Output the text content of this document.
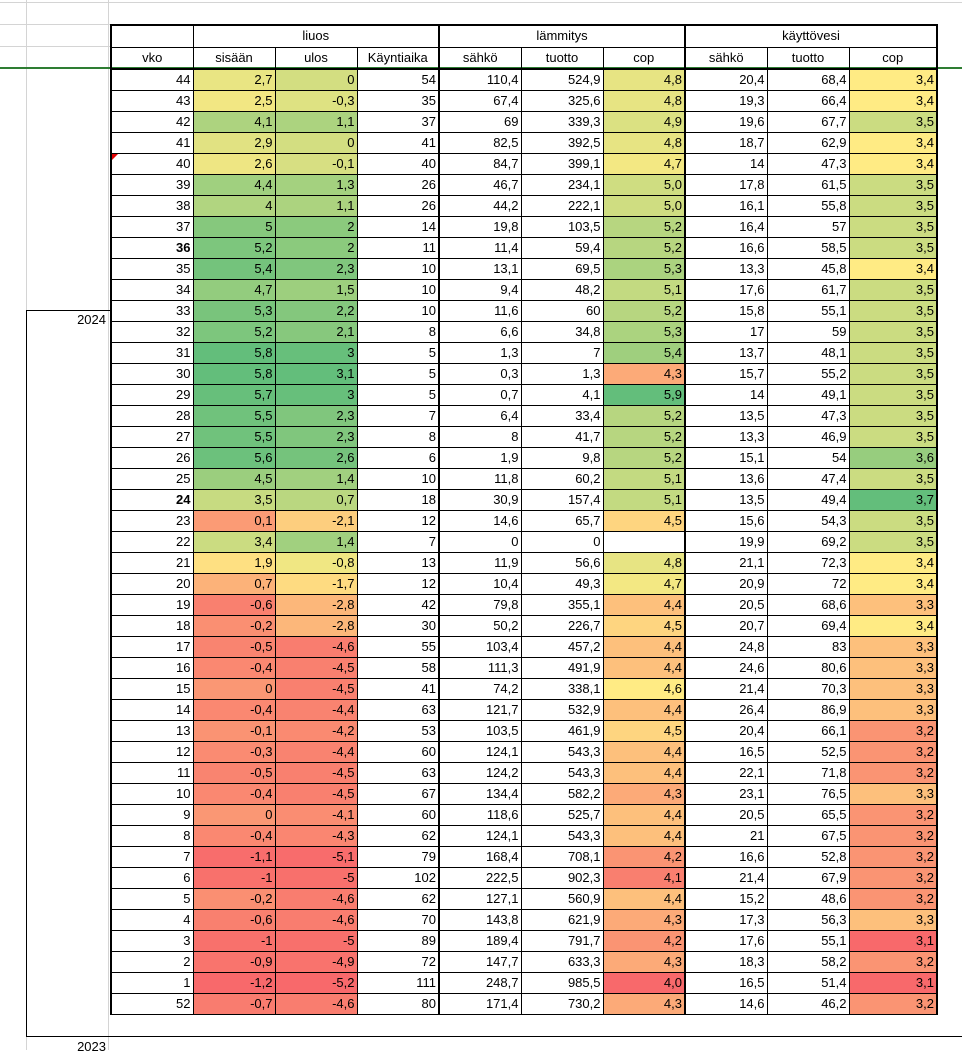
	liuos			lämmitys			käyttövesi		
vko	sisään	ulos	Käyntiaika	sähkö	tuotto	cop	sähkö	tuotto	cop
44	2,7	0	54	110,4	524,9	4,8	20,4	68,4	3,4
43	2,5	-0,3	35	67,4	325,6	4,8	19,3	66,4	3,4
42	4,1	1,1	37	69	339,3	4,9	19,6	67,7	3,5
41	2,9	0	41	82,5	392,5	4,8	18,7	62,9	3,4

40	2,6	-0,1	40	84,7	399,1	4,7	14	47,3	3,4
39	4,4	1,3	26	46,7	234,1	5,0	17,8	61,5	3,5
38	4	1,1	26	44,2	222,1	5,0	16,1	55,8	3,5
37	5	2	14	19,8	103,5	5,2	16,4	57	3,5
36	5,2	2	11	11,4	59,4	5,2	16,6	58,5	3,5
35	5,4	2,3	10	13,1	69,5	5,3	13,3	45,8	3,4
34	4,7	1,5	10	9,4	48,2	5,1	17,6	61,7	3,5
33	5,3	2,2	10	11,6	60	5,2	15,8	55,1	3,5
32	5,2	2,1	8	6,6	34,8	5,3	17	59	3,5
31	5,8	3	5	1,3	7	5,4	13,7	48,1	3,5
30	5,8	3,1	5	0,3	1,3	4,3	15,7	55,2	3,5
29	5,7	3	5	0,7	4,1	5,9	14	49,1	3,5
28	5,5	2,3	7	6,4	33,4	5,2	13,5	47,3	3,5
27	5,5	2,3	8	8	41,7	5,2	13,3	46,9	3,5
26	5,6	2,6	6	1,9	9,8	5,2	15,1	54	3,6
25	4,5	1,4	10	11,8	60,2	5,1	13,6	47,4	3,5
24	3,5	0,7	18	30,9	157,4	5,1	13,5	49,4	3,7
23	0,1	-2,1	12	14,6	65,7	4,5	15,6	54,3	3,5
22	3,4	1,4	7	0	0		19,9	69,2	3,5
21	1,9	-0,8	13	11,9	56,6	4,8	21,1	72,3	3,4
20	0,7	-1,7	12	10,4	49,3	4,7	20,9	72	3,4
19	-0,6	-2,8	42	79,8	355,1	4,4	20,5	68,6	3,3
18	-0,2	-2,8	30	50,2	226,7	4,5	20,7	69,4	3,4
17	-0,5	-4,6	55	103,4	457,2	4,4	24,8	83	3,3
16	-0,4	-4,5	58	111,3	491,9	4,4	24,6	80,6	3,3
15	0	-4,5	41	74,2	338,1	4,6	21,4	70,3	3,3
14	-0,4	-4,4	63	121,7	532,9	4,4	26,4	86,9	3,3
13	-0,1	-4,2	53	103,5	461,9	4,5	20,4	66,1	3,2
12	-0,3	-4,4	60	124,1	543,3	4,4	16,5	52,5	3,2
11	-0,5	-4,5	63	124,2	543,3	4,4	22,1	71,8	3,2
10	-0,4	-4,5	67	134,4	582,2	4,3	23,1	76,5	3,3
9	0	-4,1	60	118,6	525,7	4,4	20,5	65,5	3,2
8	-0,4	-4,3	62	124,1	543,3	4,4	21	67,5	3,2
7	-1,1	-5,1	79	168,4	708,1	4,2	16,6	52,8	3,2
6	-1	-5	102	222,5	902,3	4,1	21,4	67,9	3,2
5	-0,2	-4,6	62	127,1	560,9	4,4	15,2	48,6	3,2
4	-0,6	-4,6	70	143,8	621,9	4,3	17,3	56,3	3,3
3	-1	-5	89	189,4	791,7	4,2	17,6	55,1	3,1
2	-0,9	-4,9	72	147,7	633,3	4,3	18,3	58,2	3,2
1	-1,2	-5,2	111	248,7	985,5	4,0	16,5	51,4	3,1
52	-0,7	-4,6	80	171,4	730,2	4,3	14,6	46,2	3,2
2024
2023
